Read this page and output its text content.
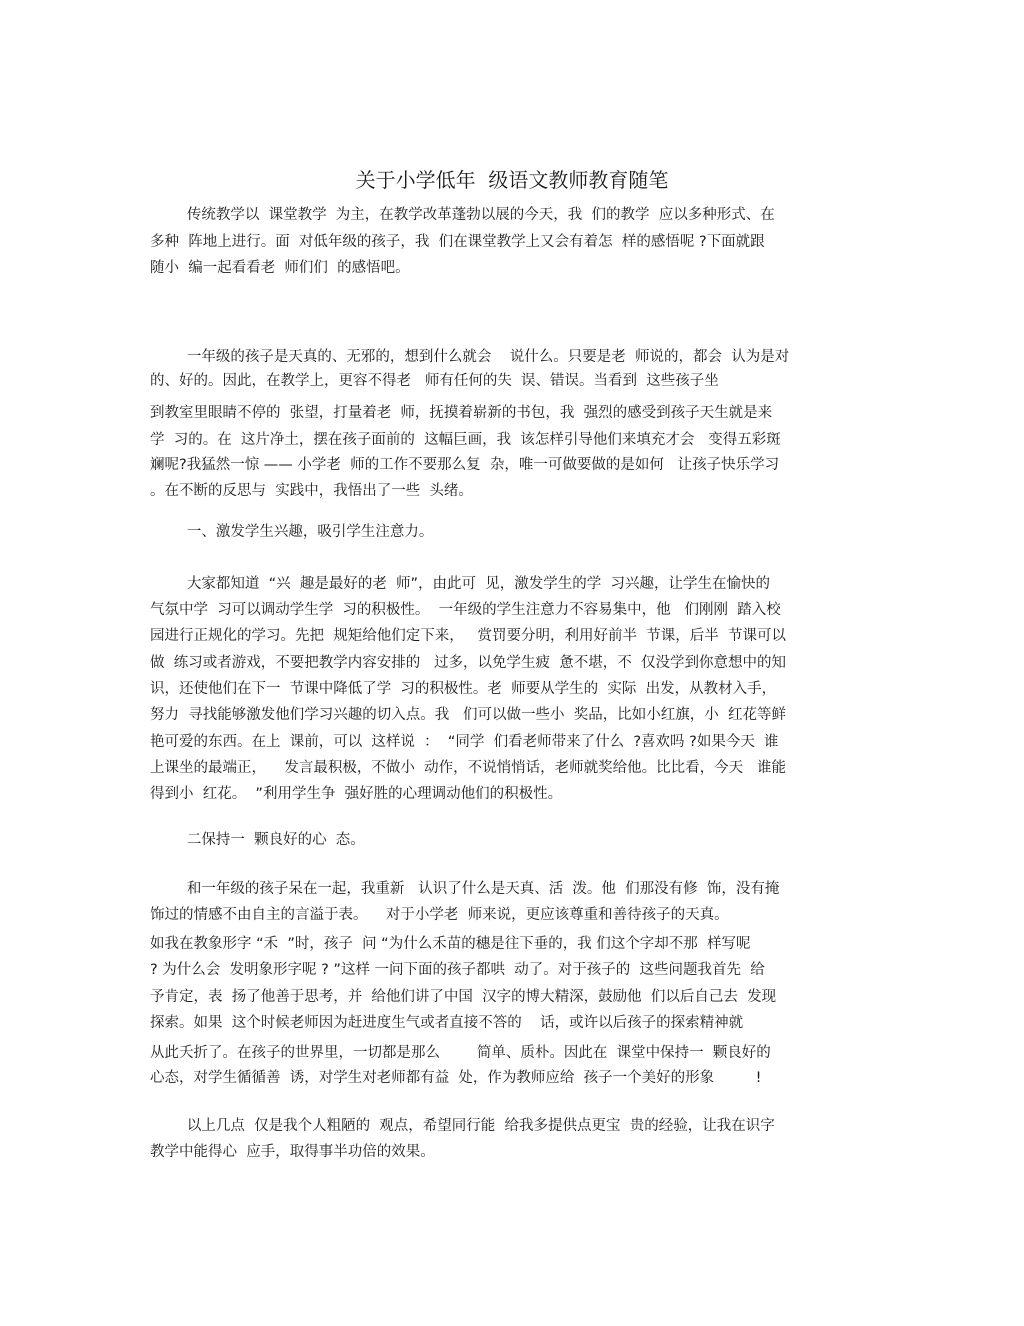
关于小学低年  级语文教师教育随笔

传统教学以  课堂教学  为主，在教学改革蓬勃以展的今天，我  们的教学  应以多种形式、在

多种  阵地上进行。面  对低年级的孩子，我  们在课堂教学上又会有着怎  样的感悟呢 ?下面就跟

随小  编一起看看老  师们们  的感悟吧。

一年级的孩子是天真的、无邪的，想到什么就会    说什么。只要是老  师说的，都会  认为是对

的、好的。因此，在教学上，更容不得老   师有任何的失  误、错误。当看到  这些孩子坐

到教室里眼睛不停的  张望，打量着老  师，抚摸着崭新的书包，我  强烈的感受到孩子天生就是来

学  习的。在  这片净土，摆在孩子面前的  这幅巨画，我  该怎样引导他们来填充才会   变得五彩斑

斓呢?我猛然一惊 —— 小学老  师的工作不要那么复  杂，唯一可做要做的是如何   让孩子快乐学习

。在不断的反思与  实践中，我悟出了一些  头绪。

一、激发学生兴趣，吸引学生注意力。

大家都知道  “兴  趣是最好的老  师”，由此可  见，激发学生的学  习兴趣，让学生在愉快的

气氛中学  习可以调动学生学  习的积极性。  一年级的学生注意力不容易集中，他   们刚刚  踏入校

园进行正规化的学习。先把  规矩给他们定下来，   赏罚要分明，利用好前半  节课，后半  节课可以

做  练习或者游戏，不要把教学内容安排的   过多，以免学生疲  惫不堪，不  仅没学到你意想中的知

识，还使他们在下一  节课中降低了学  习的积极性。老  师要从学生的  实际  出发，从教材入手，

努力  寻找能够激发他们学习兴趣的切入点。我   们可以做一些小  奖品，比如小红旗，小  红花等鲜

艳可爱的东西。在上  课前，可以  这样说  ：  “同学  们看老师带来了什么  ?喜欢吗 ?如果今天  谁

上课坐的最端正，    发言最积极，不做小  动作，不说悄悄话，老师就奖给他。比比看，今天   谁能

得到小  红花。  ”利用学生争  强好胜的心理调动他们的积极性。

二保持一  颗良好的心  态。

和一年级的孩子呆在一起，我重新   认识了什么是天真、活  泼。他  们那没有修  饰，没有掩

饰过的情感不由自主的言溢于表。    对于小学老  师来说，更应该尊重和善待孩子的天真。

如我在教象形字 “禾  ”时，孩子  问 “为什么禾苗的穗是往下垂的，我 们这个字却不那  样写呢

? 为什么会  发明象形字呢 ? ”这样 一问下面的孩子都哄  动了。对于孩子的  这些问题我首先  给

予肯定，表  扬了他善于思考，并  给他们讲了中国  汉字的博大精深，鼓励他  们以后自己去  发现

探索。如果  这个时候老师因为赶进度生气或者直接不答的    话，或许以后孩子的探索精神就

从此夭折了。在孩子的世界里，一切都是那么        简单、质朴。因此在  课堂中保持一  颗良好的

心态，对学生循循善  诱，对学生对老师都有益  处，作为教师应给  孩子一个美好的形象         !

以上几点  仅是我个人粗陋的  观点，希望同行能  给我多提供点更宝  贵的经验，让我在识字

教学中能得心  应手，取得事半功倍的效果。
